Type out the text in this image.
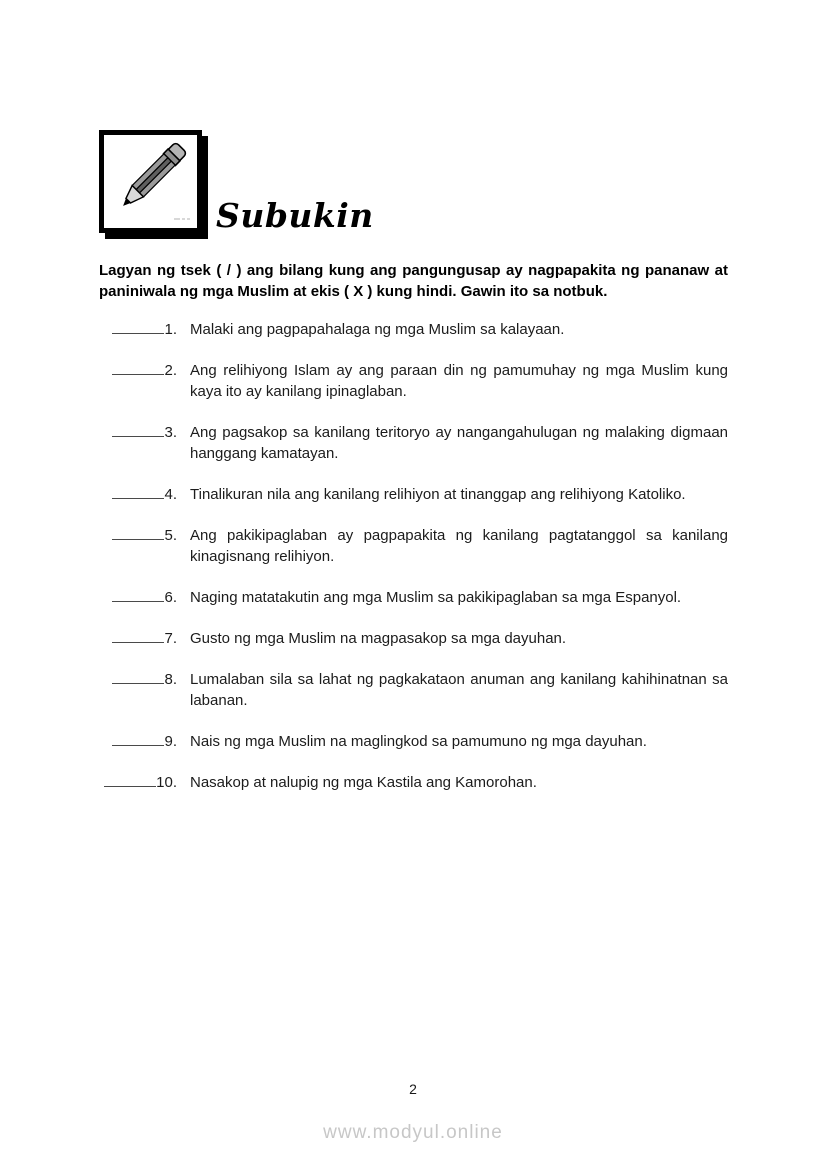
Subukin

Lagyan ng tsek ( / ) ang bilang kung ang pangungusap ay nagpapakita ng pananaw at paniniwala ng mga Muslim at ekis ( X ) kung hindi. Gawin ito sa notbuk.

1. Malaki ang pagpapahalaga ng mga Muslim sa kalayaan.
2. Ang relihiyong Islam ay ang paraan din ng pamumuhay ng mga Muslim kung kaya ito ay kanilang ipinaglaban.
3. Ang pagsakop sa kanilang teritoryo ay nangangahulugan ng malaking digmaan hanggang kamatayan.
4. Tinalikuran nila ang kanilang relihiyon at tinanggap ang relihiyong Katoliko.
5. Ang pakikipaglaban ay pagpapakita ng kanilang pagtatanggol sa kanilang kinagisnang relihiyon.
6. Naging matatakutin ang mga Muslim sa pakikipaglaban sa mga Espanyol.
7. Gusto ng mga Muslim na magpasakop sa mga dayuhan.
8. Lumalaban sila sa lahat ng pagkakataon anuman ang kanilang kahihinatnan sa labanan.
9. Nais ng mga Muslim na maglingkod sa pamumuno ng mga dayuhan.
10. Nasakop at nalupig ng mga Kastila ang Kamorohan.
2
www.modyul.online
